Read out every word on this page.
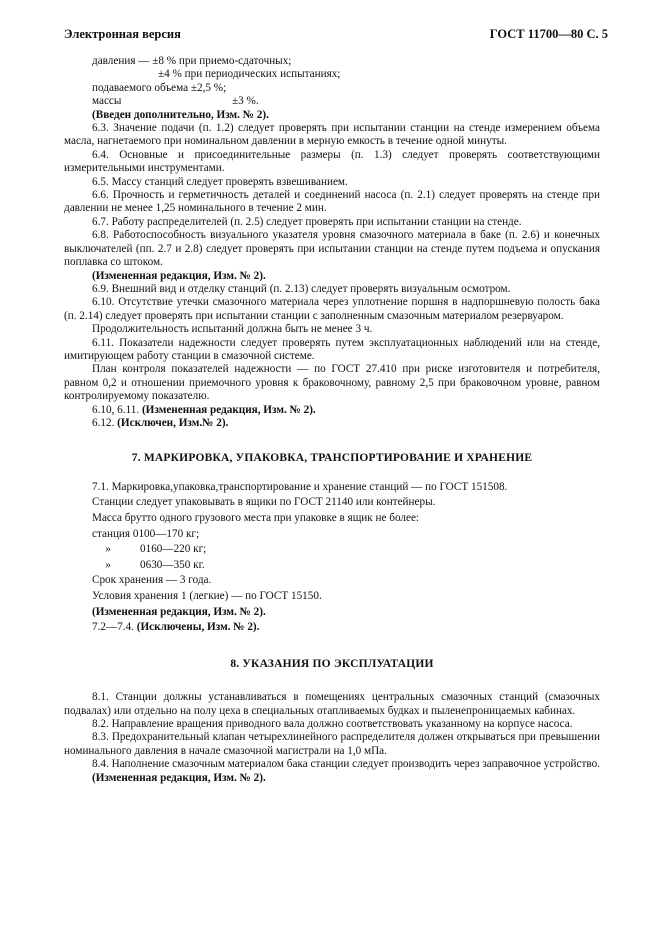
Электронная версия	ГОСТ 11700—80 С. 5

давления — ±8 % при приемо-сдаточных;

±4 % при периодических испытаниях;

подаваемого объема ±2,5 %;

массы	±3 %.

(Введен дополнительно, Изм. № 2).

6.3. Значение подачи (п. 1.2) следует проверять при испытании станции на стенде измерением объема масла, нагнетаемого при номинальном давлении в мерную емкость в течение одной минуты.

6.4. Основные и присоединительные размеры (п. 1.3) следует проверять соответствующими измерительными инструментами.

6.5. Массу станций следует проверять взвешиванием.

6.6. Прочность и герметичность деталей и соединений насоса (п. 2.1) следует проверять на стенде при давлении не менее 1,25 номинального в течение 2 мин.

6.7. Работу распределителей (п. 2.5) следует проверять при испытании станции на стенде.

6.8. Работоспособность визуального указателя уровня смазочного материала в баке (п. 2.6) и конечных выключателей (пп. 2.7 и 2.8) следует проверять при испытании станции на стенде путем подъема и опускания поплавка со штоком.

(Измененная редакция, Изм. № 2).

6.9. Внешний вид и отделку станций (п. 2.13) следует проверять визуальным осмотром.

6.10. Отсутствие утечки смазочного материала через уплотнение поршня в надпоршневую полость бака (п. 2.14) следует проверять при испытании станции с заполненным смазочным материалом резервуаром.

Продолжительность испытаний должна быть не менее 3 ч.

6.11. Показатели надежности следует проверять путем эксплуатационных наблюдений или на стенде, имитирующем работу станции в смазочной системе.

План контроля показателей надежности — по ГОСТ 27.410 при риске изготовителя и потребителя, равном 0,2 и отношении приемочного уровня к браковочному, равному 2,5 при браковочном уровне, равном контролируемому показателю.

6.10, 6.11. (Измененная редакция, Изм. № 2).

6.12. (Исключен, Изм.№ 2).

7. МАРКИРОВКА, УПАКОВКА, ТРАНСПОРТИРОВАНИЕ И ХРАНЕНИЕ

7.1. Маркировка,упаковка,транспортирование и хранение станций — по ГОСТ 151508.

Станции следует упаковывать в ящики по ГОСТ 21140 или контейнеры.

Масса брутто одного грузового места при упаковке в ящик не более:

станция 0100—170 кг;

»	0160—220 кг;

»	0630—350 кг.

Срок хранения — 3 года.

Условия хранения 1 (легкие) — по ГОСТ 15150.

(Измененная редакция, Изм. № 2).

7.2—7.4. (Исключены, Изм. № 2).

8. УКАЗАНИЯ ПО ЭКСПЛУАТАЦИИ

8.1. Станции должны устанавливаться в помещениях центральных смазочных станций (смазочных подвалах) или отдельно на полу цеха в специальных отапливаемых будках и пыленепроницаемых кабинах.

8.2. Направление вращения приводного вала должно соответствовать указанному на корпусе насоса.

8.3. Предохранительный клапан четырехлинейного распределителя должен открываться при превышении номинального давления в начале смазочной магистрали на 1,0 мПа.

8.4. Наполнение смазочным материалом бака станции следует производить через заправочное устройство.

(Измененная редакция, Изм. № 2).
